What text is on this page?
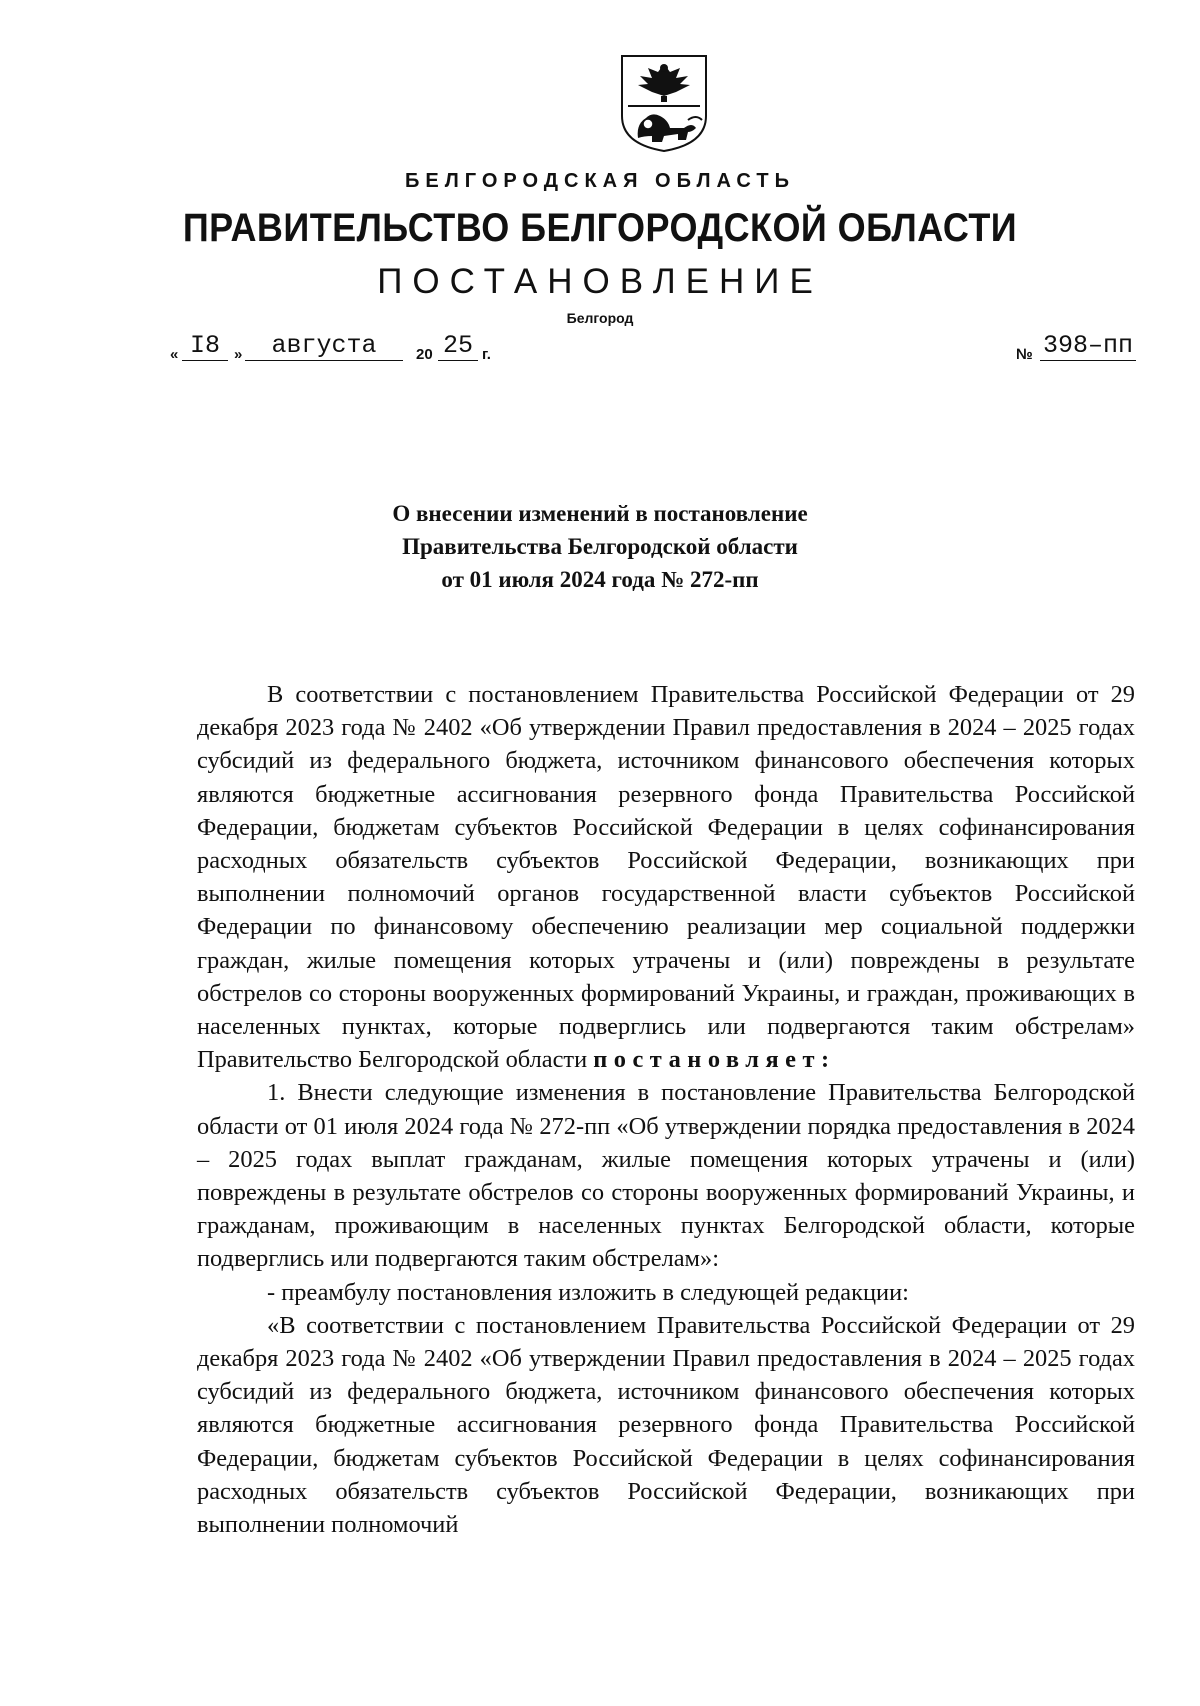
БЕЛГОРОДСКАЯ ОБЛАСТЬ
ПРАВИТЕЛЬСТВО БЕЛГОРОДСКОЙ ОБЛАСТИ
ПОСТАНОВЛЕНИЕ
Белгород
« I8 »	августа	20 25 г.	№ 398–пп
О внесении изменений в постановление
Правительства Белгородской области
от 01 июля 2024 года № 272-пп

В соответствии с постановлением Правительства Российской Федерации от 29 декабря 2023 года № 2402 «Об утверждении Правил предоставления в 2024 – 2025 годах субсидий из федерального бюджета, источником финансового обеспечения которых являются бюджетные ассигнования резервного фонда Правительства Российской Федерации, бюджетам субъектов Российской Федерации в целях софинансирования расходных обязательств субъектов Российской Федерации, возникающих при выполнении полномочий органов государственной власти субъектов Российской Федерации по финансовому обеспечению реализации мер социальной поддержки граждан, жилые помещения которых утрачены и (или) повреждены в результате обстрелов со стороны вооруженных формирований Украины, и граждан, проживающих в населенных пунктах, которые подверглись или подвергаются таким обстрелам» Правительство Белгородской области постановляет:

1. Внести следующие изменения в постановление Правительства Белгородской области от 01 июля 2024 года № 272-пп «Об утверждении порядка предоставления в 2024 – 2025 годах выплат гражданам, жилые помещения которых утрачены и (или) повреждены в результате обстрелов со стороны вооруженных формирований Украины, и гражданам, проживающим в населенных пунктах Белгородской области, которые подверглись или подвергаются таким обстрелам»:

- преамбулу постановления изложить в следующей редакции:

«В соответствии с постановлением Правительства Российской Федерации от 29 декабря 2023 года № 2402 «Об утверждении Правил предоставления в 2024 – 2025 годах субсидий из федерального бюджета, источником финансового обеспечения которых являются бюджетные ассигнования резервного фонда Правительства Российской Федерации, бюджетам субъектов Российской Федерации в целях софинансирования расходных обязательств субъектов Российской Федерации, возникающих при выполнении полномочий
